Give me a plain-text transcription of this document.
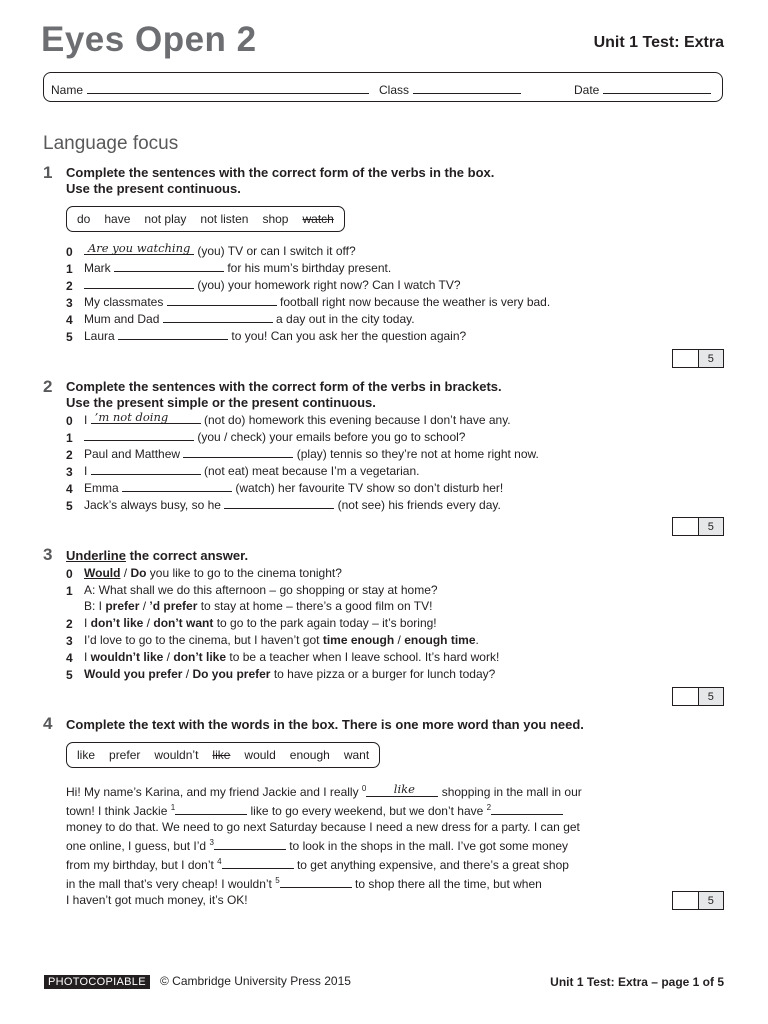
Eyes Open 2	Unit 1 Test: Extra
Name	Class	Date
Language focus
1 Complete the sentences with the correct form of the verbs in the box.
Use the present continuous.
do have not play not listen shop watch
0	Are you watching (you) TV or can I switch it off?
1 Mark	for his mum’s birthday present.
2	(you) your homework right now? Can I watch TV?
3 My classmates	football right now because the weather is very bad.
4 Mum and Dad	a day out in the city today.
5 Laura	to you! Can you ask her the question again?
5
2 Complete the sentences with the correct form of the verbs in brackets.
Use the present simple or the present continuous.
0 I ’m not doing	(not do) homework this evening because I don’t have any.
1	(you / check) your emails before you go to school?
2 Paul and Matthew	(play) tennis so they’re not at home right now.
3 I	(not eat) meat because I’m a vegetarian.
4 Emma	(watch) her favourite TV show so don’t disturb her!
5 Jack’s always busy, so he	(not see) his friends every day.
5
3 Underline the correct answer.
0 Would / Do you like to go to the cinema tonight?
1 A: What shall we do this afternoon – go shopping or stay at home?
B: I prefer / ’d prefer to stay at home – there’s a good film on TV!
2 I don’t like / don’t want to go to the park again today – it’s boring!
3 I’d love to go to the cinema, but I haven’t got time enough / enough time.
4 I wouldn’t like / don’t like to be a teacher when I leave school. It’s hard work!
5 Would you prefer / Do you prefer to have pizza or a burger for lunch today?
5
4 Complete the text with the words in the box. There is one more word than you need.
like prefer wouldn’t like would enough want
Hi! My name’s Karina, and my friend Jackie and I really $^0$ like shopping in the mall in our
town! I think Jackie $^1$	like to go every weekend, but we don’t have $^2$
money to do that. We need to go next Saturday because I need a new dress for a party. I can get
one online, I guess, but I’d $^3$	to look in the shops in the mall. I’ve got some money
from my birthday, but I don’t $^4$	to get anything expensive, and there’s a great shop
in the mall that’s very cheap! I wouldn’t $^5$	to shop there all the time, but when
I haven’t got much money, it’s OK!	5
PHOTOCOPIABLE	© Cambridge University Press 2015	Unit 1 Test: Extra – page 1 of 5
